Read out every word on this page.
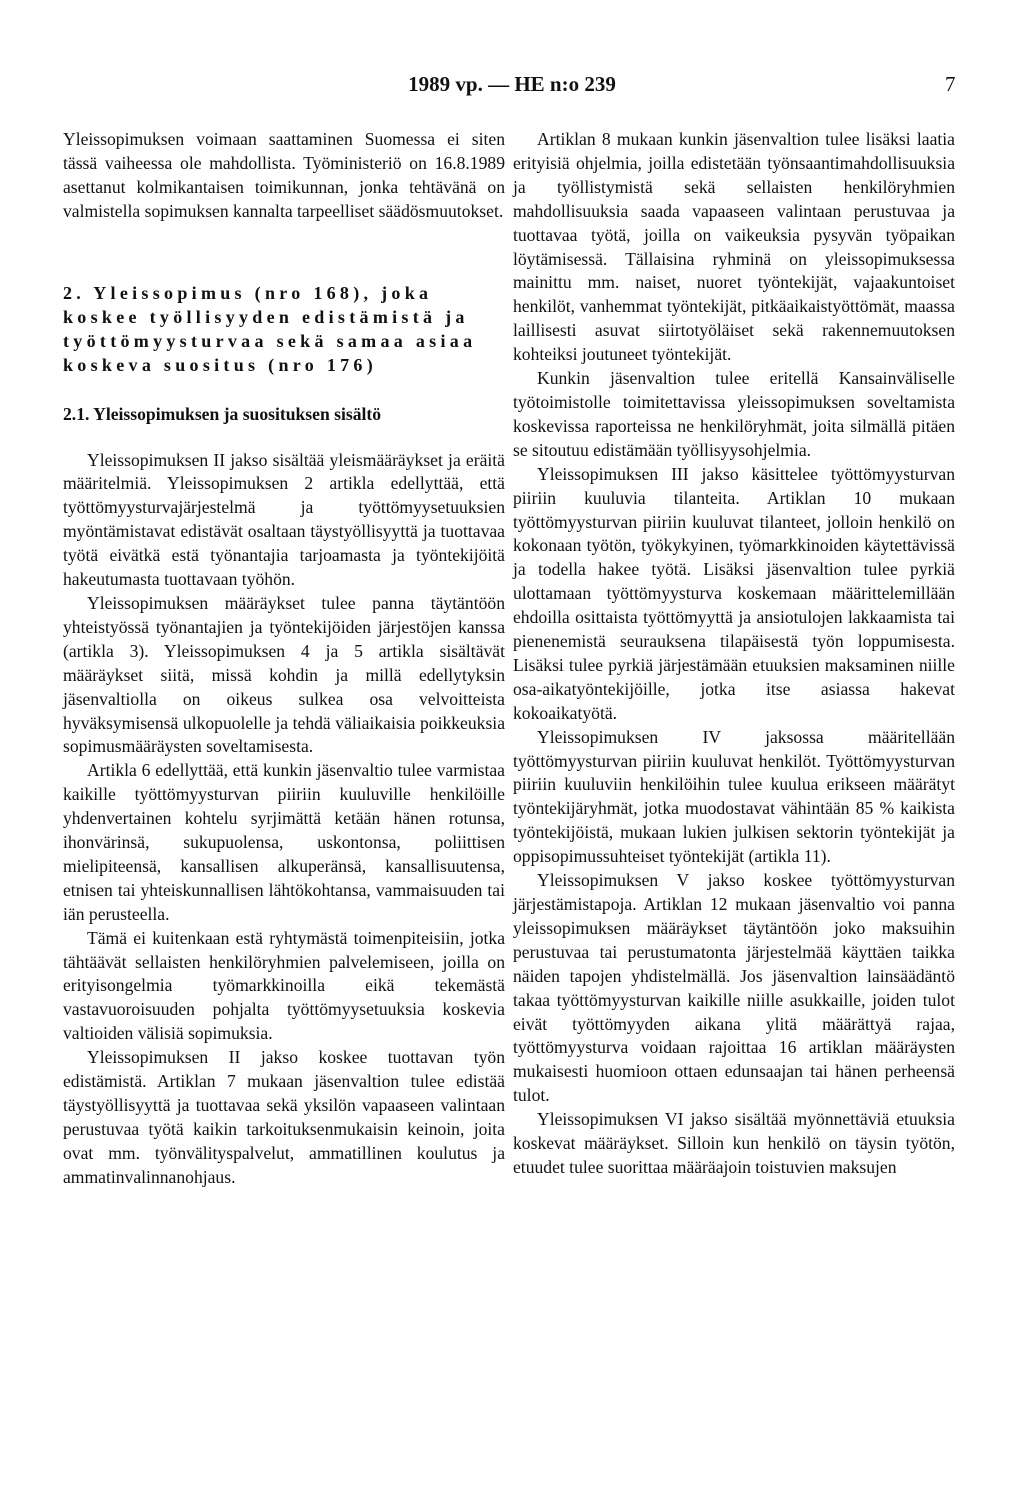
1989 vp. — HE n:o 239	7

Yleissopimuksen voimaan saattaminen Suomessa ei siten tässä vaiheessa ole mahdollista. Työministeriö on 16.8.1989 asettanut kolmikantaisen toimikunnan, jonka tehtävänä on valmistella sopimuksen kannalta tarpeelliset säädösmuutokset.

2. Yleissopimus (nro 168), joka koskee työllisyyden edistämistä ja työttömyysturvaa sekä samaa asiaa koskeva suositus (nro 176)
2.1. Yleissopimuksen ja suosituksen sisältö

Yleissopimuksen II jakso sisältää yleismääräykset ja eräitä määritelmiä. Yleissopimuksen 2 artikla edellyttää, että työttömyysturvajärjestelmä ja työttömyysetuuksien myöntämistavat edistävät osaltaan täystyöllisyyttä ja tuottavaa työtä eivätkä estä työnantajia tarjoamasta ja työntekijöitä hakeutumasta tuottavaan työhön.

Yleissopimuksen määräykset tulee panna täytäntöön yhteistyössä työnantajien ja työntekijöiden järjestöjen kanssa (artikla 3). Yleissopimuksen 4 ja 5 artikla sisältävät määräykset siitä, missä kohdin ja millä edellytyksin jäsenvaltiolla on oikeus sulkea osa velvoitteista hyväksymisensä ulkopuolelle ja tehdä väliaikaisia poikkeuksia sopimusmääräysten soveltamisesta.

Artikla 6 edellyttää, että kunkin jäsenvaltio tulee varmistaa kaikille työttömyysturvan piiriin kuuluville henkilöille yhdenvertainen kohtelu syrjimättä ketään hänen rotunsa, ihonvärinsä, sukupuolensa, uskontonsa, poliittisen mielipiteensä, kansallisen alkuperänsä, kansallisuutensa, etnisen tai yhteiskunnallisen lähtökohtansa, vammaisuuden tai iän perusteella.

Tämä ei kuitenkaan estä ryhtymästä toimenpiteisiin, jotka tähtäävät sellaisten henkilöryhmien palvelemiseen, joilla on erityisongelmia työmarkkinoilla eikä tekemästä vastavuoroisuuden pohjalta työttömyysetuuksia koskevia valtioiden välisiä sopimuksia.

Yleissopimuksen II jakso koskee tuottavan työn edistämistä. Artiklan 7 mukaan jäsenvaltion tulee edistää täystyöllisyyttä ja tuottavaa sekä yksilön vapaaseen valintaan perustuvaa työtä kaikin tarkoituksenmukaisin keinoin, joita ovat mm. työnvälityspalvelut, ammatillinen koulutus ja ammatinvalinnanohjaus.

Artiklan 8 mukaan kunkin jäsenvaltion tulee lisäksi laatia erityisiä ohjelmia, joilla edistetään työnsaantimahdollisuuksia ja työllistymistä sekä sellaisten henkilöryhmien mahdollisuuksia saada vapaaseen valintaan perustuvaa ja tuottavaa työtä, joilla on vaikeuksia pysyvän työpaikan löytämisessä. Tällaisina ryhminä on yleissopimuksessa mainittu mm. naiset, nuoret työntekijät, vajaakuntoiset henkilöt, vanhemmat työntekijät, pitkäaikaistyöttömät, maassa laillisesti asuvat siirtotyöläiset sekä rakennemuutoksen kohteiksi joutuneet työntekijät.

Kunkin jäsenvaltion tulee eritellä Kansainväliselle työtoimistolle toimitettavissa yleissopimuksen soveltamista koskevissa raporteissa ne henkilöryhmät, joita silmällä pitäen se sitoutuu edistämään työllisyysohjelmia.

Yleissopimuksen III jakso käsittelee työttömyysturvan piiriin kuuluvia tilanteita. Artiklan 10 mukaan työttömyysturvan piiriin kuuluvat tilanteet, jolloin henkilö on kokonaan työtön, työkykyinen, työmarkkinoiden käytettävissä ja todella hakee työtä. Lisäksi jäsenvaltion tulee pyrkiä ulottamaan työttömyysturva koskemaan määrittelemillään ehdoilla osittaista työttömyyttä ja ansiotulojen lakkaamista tai pienenemistä seurauksena tilapäisestä työn loppumisesta. Lisäksi tulee pyrkiä järjestämään etuuksien maksaminen niille osa-aikatyöntekijöille, jotka itse asiassa hakevat kokoaikatyötä.

Yleissopimuksen IV jaksossa määritellään työttömyysturvan piiriin kuuluvat henkilöt. Työttömyysturvan piiriin kuuluviin henkilöihin tulee kuulua erikseen määrätyt työntekijäryhmät, jotka muodostavat vähintään 85 % kaikista työntekijöistä, mukaan lukien julkisen sektorin työntekijät ja oppisopimussuhteiset työntekijät (artikla 11).

Yleissopimuksen V jakso koskee työttömyysturvan järjestämistapoja. Artiklan 12 mukaan jäsenvaltio voi panna yleissopimuksen määräykset täytäntöön joko maksuihin perustuvaa tai perustumatonta järjestelmää käyttäen taikka näiden tapojen yhdistelmällä. Jos jäsenvaltion lainsäädäntö takaa työttömyysturvan kaikille niille asukkaille, joiden tulot eivät työttömyyden aikana ylitä määrättyä rajaa, työttömyysturva voidaan rajoittaa 16 artiklan määräysten mukaisesti huomioon ottaen edunsaajan tai hänen perheensä tulot.

Yleissopimuksen VI jakso sisältää myönnettäviä etuuksia koskevat määräykset. Silloin kun henkilö on täysin työtön, etuudet tulee suorittaa määräajoin toistuvien maksujen
